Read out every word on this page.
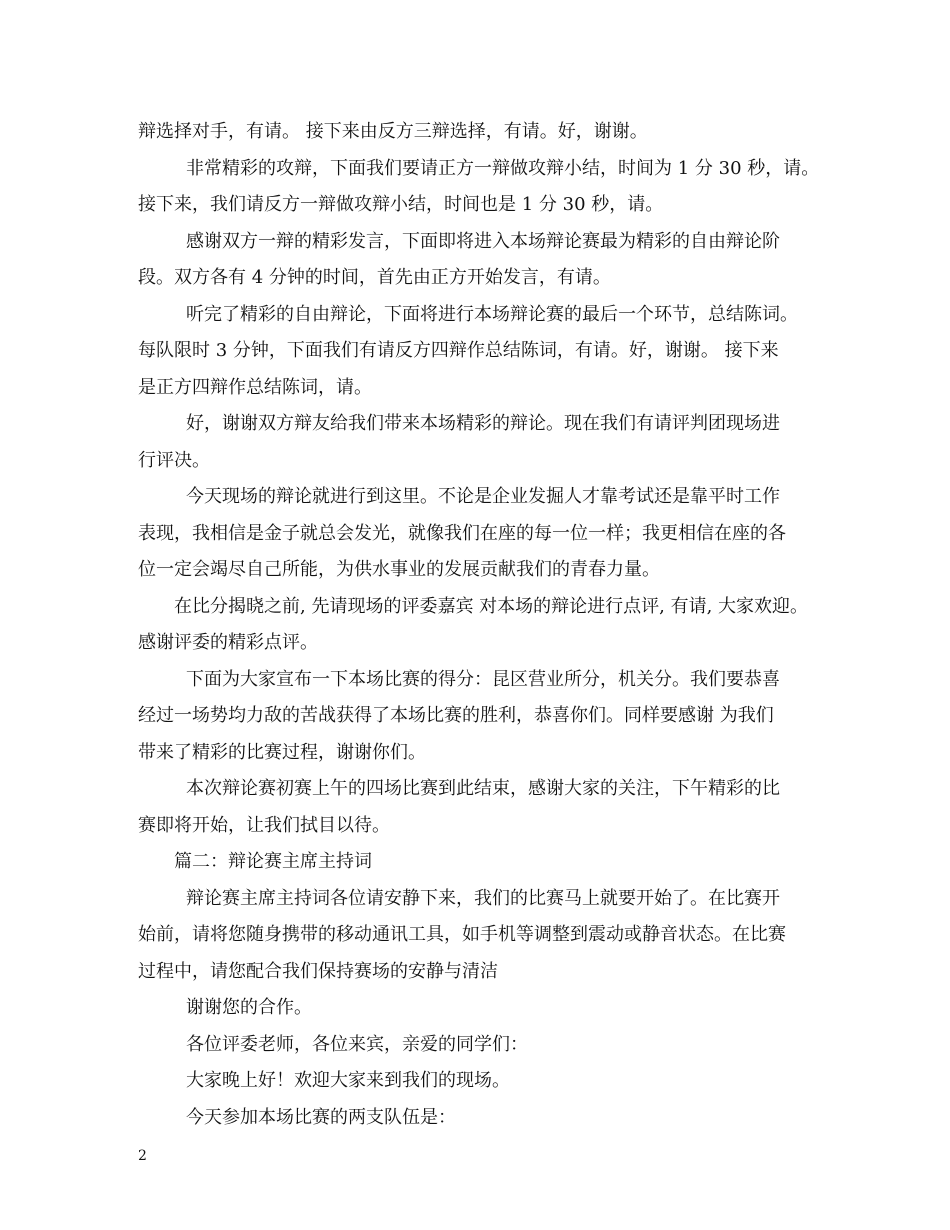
辩选择对手，有请。 接下来由反方三辩选择，有请。好，谢谢。
非常精彩的攻辩，下面我们要请正方一辩做攻辩小结，时间为 1 分 30 秒，请。
接下来，我们请反方一辩做攻辩小结，时间也是 1 分 30 秒，请。
感谢双方一辩的精彩发言，下面即将进入本场辩论赛最为精彩的自由辩论阶
段。双方各有 4 分钟的时间，首先由正方开始发言，有请。
听完了精彩的自由辩论，下面将进行本场辩论赛的最后一个环节，总结陈词。
每队限时 3 分钟，下面我们有请反方四辩作总结陈词，有请。好，谢谢。 接下来
是正方四辩作总结陈词，请。
好，谢谢双方辩友给我们带来本场精彩的辩论。现在我们有请评判团现场进
行评决。
今天现场的辩论就进行到这里。不论是企业发掘人才靠考试还是靠平时工作
表现，我相信是金子就总会发光，就像我们在座的每一位一样；我更相信在座的各
位一定会竭尽自己所能，为供水事业的发展贡献我们的青春力量。
在比分揭晓之前, 先请现场的评委嘉宾 对本场的辩论进行点评, 有请, 大家欢迎。
感谢评委的精彩点评。
下面为大家宣布一下本场比赛的得分：昆区营业所分，机关分。我们要恭喜
经过一场势均力敌的苦战获得了本场比赛的胜利，恭喜你们。同样要感谢 为我们
带来了精彩的比赛过程，谢谢你们。
本次辩论赛初赛上午的四场比赛到此结束，感谢大家的关注，下午精彩的比
赛即将开始，让我们拭目以待。
篇二：辩论赛主席主持词
辩论赛主席主持词各位请安静下来，我们的比赛马上就要开始了。在比赛开
始前，请将您随身携带的移动通讯工具，如手机等调整到震动或静音状态。在比赛
过程中，请您配合我们保持赛场的安静与清洁
谢谢您的合作。
各位评委老师，各位来宾，亲爱的同学们：
大家晚上好！欢迎大家来到我们的现场。
今天参加本场比赛的两支队伍是：
2
